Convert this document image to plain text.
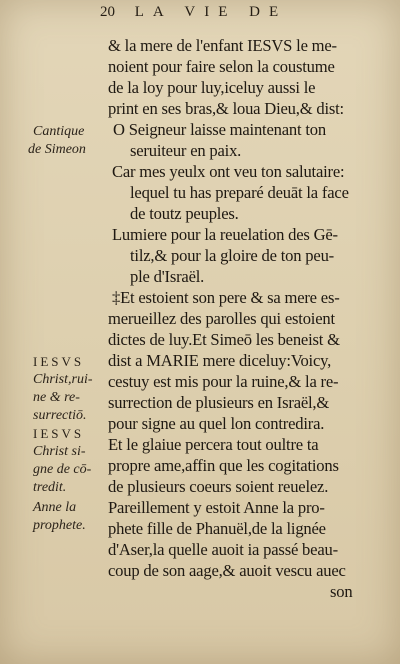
20 LA VIE DE
& la mere de l'enfant IESVS le me-
noient pour faire selon la coustume
de la loy pour luy,iceluy aussi le
print en ses bras,& loua Dieu,& dist:
O Seigneur laisse maintenant ton
seruiteur en paix.
Car mes yeulx ont veu ton salutaire:
lequel tu has preparé deuāt la face
de toutz peuples.
Lumiere pour la reuelation des Gē-
tilz,& pour la gloire de ton peu-
ple d'Israël.
‡Et estoient son pere & sa mere es-
merueillez des parolles qui estoient
dictes de luy.Et Simeō les beneist &
dist a MARIE mere diceluy:Voicy,
cestuy est mis pour la ruine,& la re-
surrection de plusieurs en Israël,&
pour signe au quel lon contredira.
Et le glaiue percera tout oultre ta
propre ame,affin que les cogitations
de plusieurs coeurs soient reuelez.
Pareillement y estoit Anne la pro-
phete fille de Phanuël,de la lignée
d'Aser,la quelle auoit ia passé beau-
coup de son aage,& auoit vescu auec
son
Cantique
de Simeon
IESVS
Christ,rui-
ne & re-
surrectiō.
IESVS
Christ si-
gne de cō-
tredit.
Anne la
prophete.
